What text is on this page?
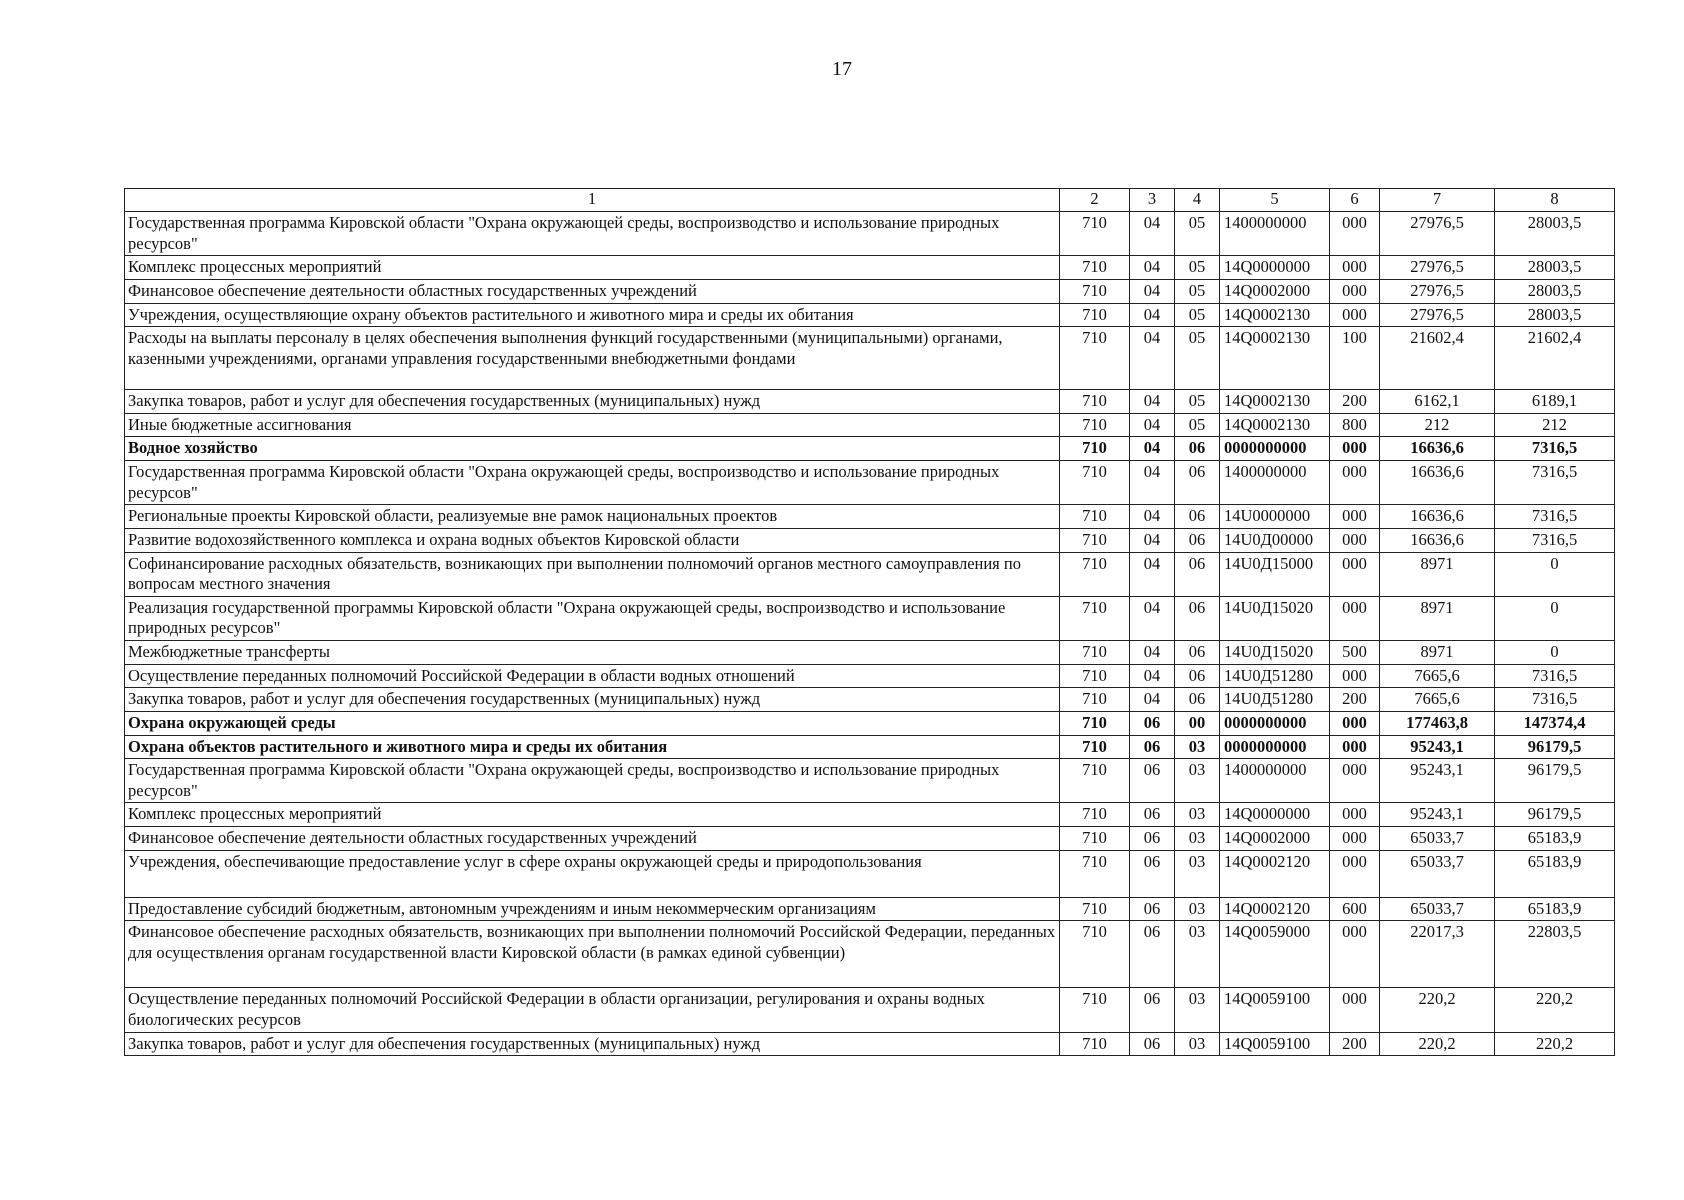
17
1	2	3	4	5	6	7	8
Государственная программа Кировской области "Охрана окружающей среды, воспроизводство и использование природных ресурсов"	710	04	05	1400000000	000	27976,5	28003,5
Комплекс процессных мероприятий	710	04	05	14Q0000000	000	27976,5	28003,5
Финансовое обеспечение деятельности областных государственных учреждений	710	04	05	14Q0002000	000	27976,5	28003,5
Учреждения, осуществляющие охрану объектов растительного и животного мира и среды их обитания	710	04	05	14Q0002130	000	27976,5	28003,5
Расходы на выплаты персоналу в целях обеспечения выполнения функций государственными (муниципальными) органами, казенными учреждениями, органами управления государственными внебюджетными фондами	710	04	05	14Q0002130	100	21602,4	21602,4
Закупка товаров, работ и услуг для обеспечения государственных (муниципальных) нужд	710	04	05	14Q0002130	200	6162,1	6189,1
Иные бюджетные ассигнования	710	04	05	14Q0002130	800	212	212
Водное хозяйство	710	04	06	0000000000	000	16636,6	7316,5
Государственная программа Кировской области "Охрана окружающей среды, воспроизводство и использование природных ресурсов"	710	04	06	1400000000	000	16636,6	7316,5
Региональные проекты Кировской области, реализуемые вне рамок национальных проектов	710	04	06	14U0000000	000	16636,6	7316,5
Развитие водохозяйственного комплекса и охрана водных объектов Кировской области	710	04	06	14U0Д00000	000	16636,6	7316,5
Софинансирование расходных обязательств, возникающих при выполнении полномочий органов местного самоуправления по вопросам местного значения	710	04	06	14U0Д15000	000	8971	0
Реализация государственной программы Кировской области "Охрана окружающей среды, воспроизводство и использование природных ресурсов"	710	04	06	14U0Д15020	000	8971	0
Межбюджетные трансферты	710	04	06	14U0Д15020	500	8971	0
Осуществление переданных полномочий Российской Федерации в области водных отношений	710	04	06	14U0Д51280	000	7665,6	7316,5
Закупка товаров, работ и услуг для обеспечения государственных (муниципальных) нужд	710	04	06	14U0Д51280	200	7665,6	7316,5
Охрана окружающей среды	710	06	00	0000000000	000	177463,8	147374,4
Охрана объектов растительного и животного мира и среды их обитания	710	06	03	0000000000	000	95243,1	96179,5
Государственная программа Кировской области "Охрана окружающей среды, воспроизводство и использование природных ресурсов"	710	06	03	1400000000	000	95243,1	96179,5
Комплекс процессных мероприятий	710	06	03	14Q0000000	000	95243,1	96179,5
Финансовое обеспечение деятельности областных государственных учреждений	710	06	03	14Q0002000	000	65033,7	65183,9
Учреждения, обеспечивающие предоставление услуг в сфере охраны окружающей среды и природопользования	710	06	03	14Q0002120	000	65033,7	65183,9
Предоставление субсидий бюджетным, автономным учреждениям и иным некоммерческим организациям	710	06	03	14Q0002120	600	65033,7	65183,9
Финансовое обеспечение расходных обязательств, возникающих при выполнении полномочий Российской Федерации, переданных для осуществления органам государственной власти Кировской области (в рамках единой субвенции)	710	06	03	14Q0059000	000	22017,3	22803,5
Осуществление переданных полномочий Российской Федерации в области организации, регулирования и охраны водных биологических ресурсов	710	06	03	14Q0059100	000	220,2	220,2
Закупка товаров, работ и услуг для обеспечения государственных (муниципальных) нужд	710	06	03	14Q0059100	200	220,2	220,2
